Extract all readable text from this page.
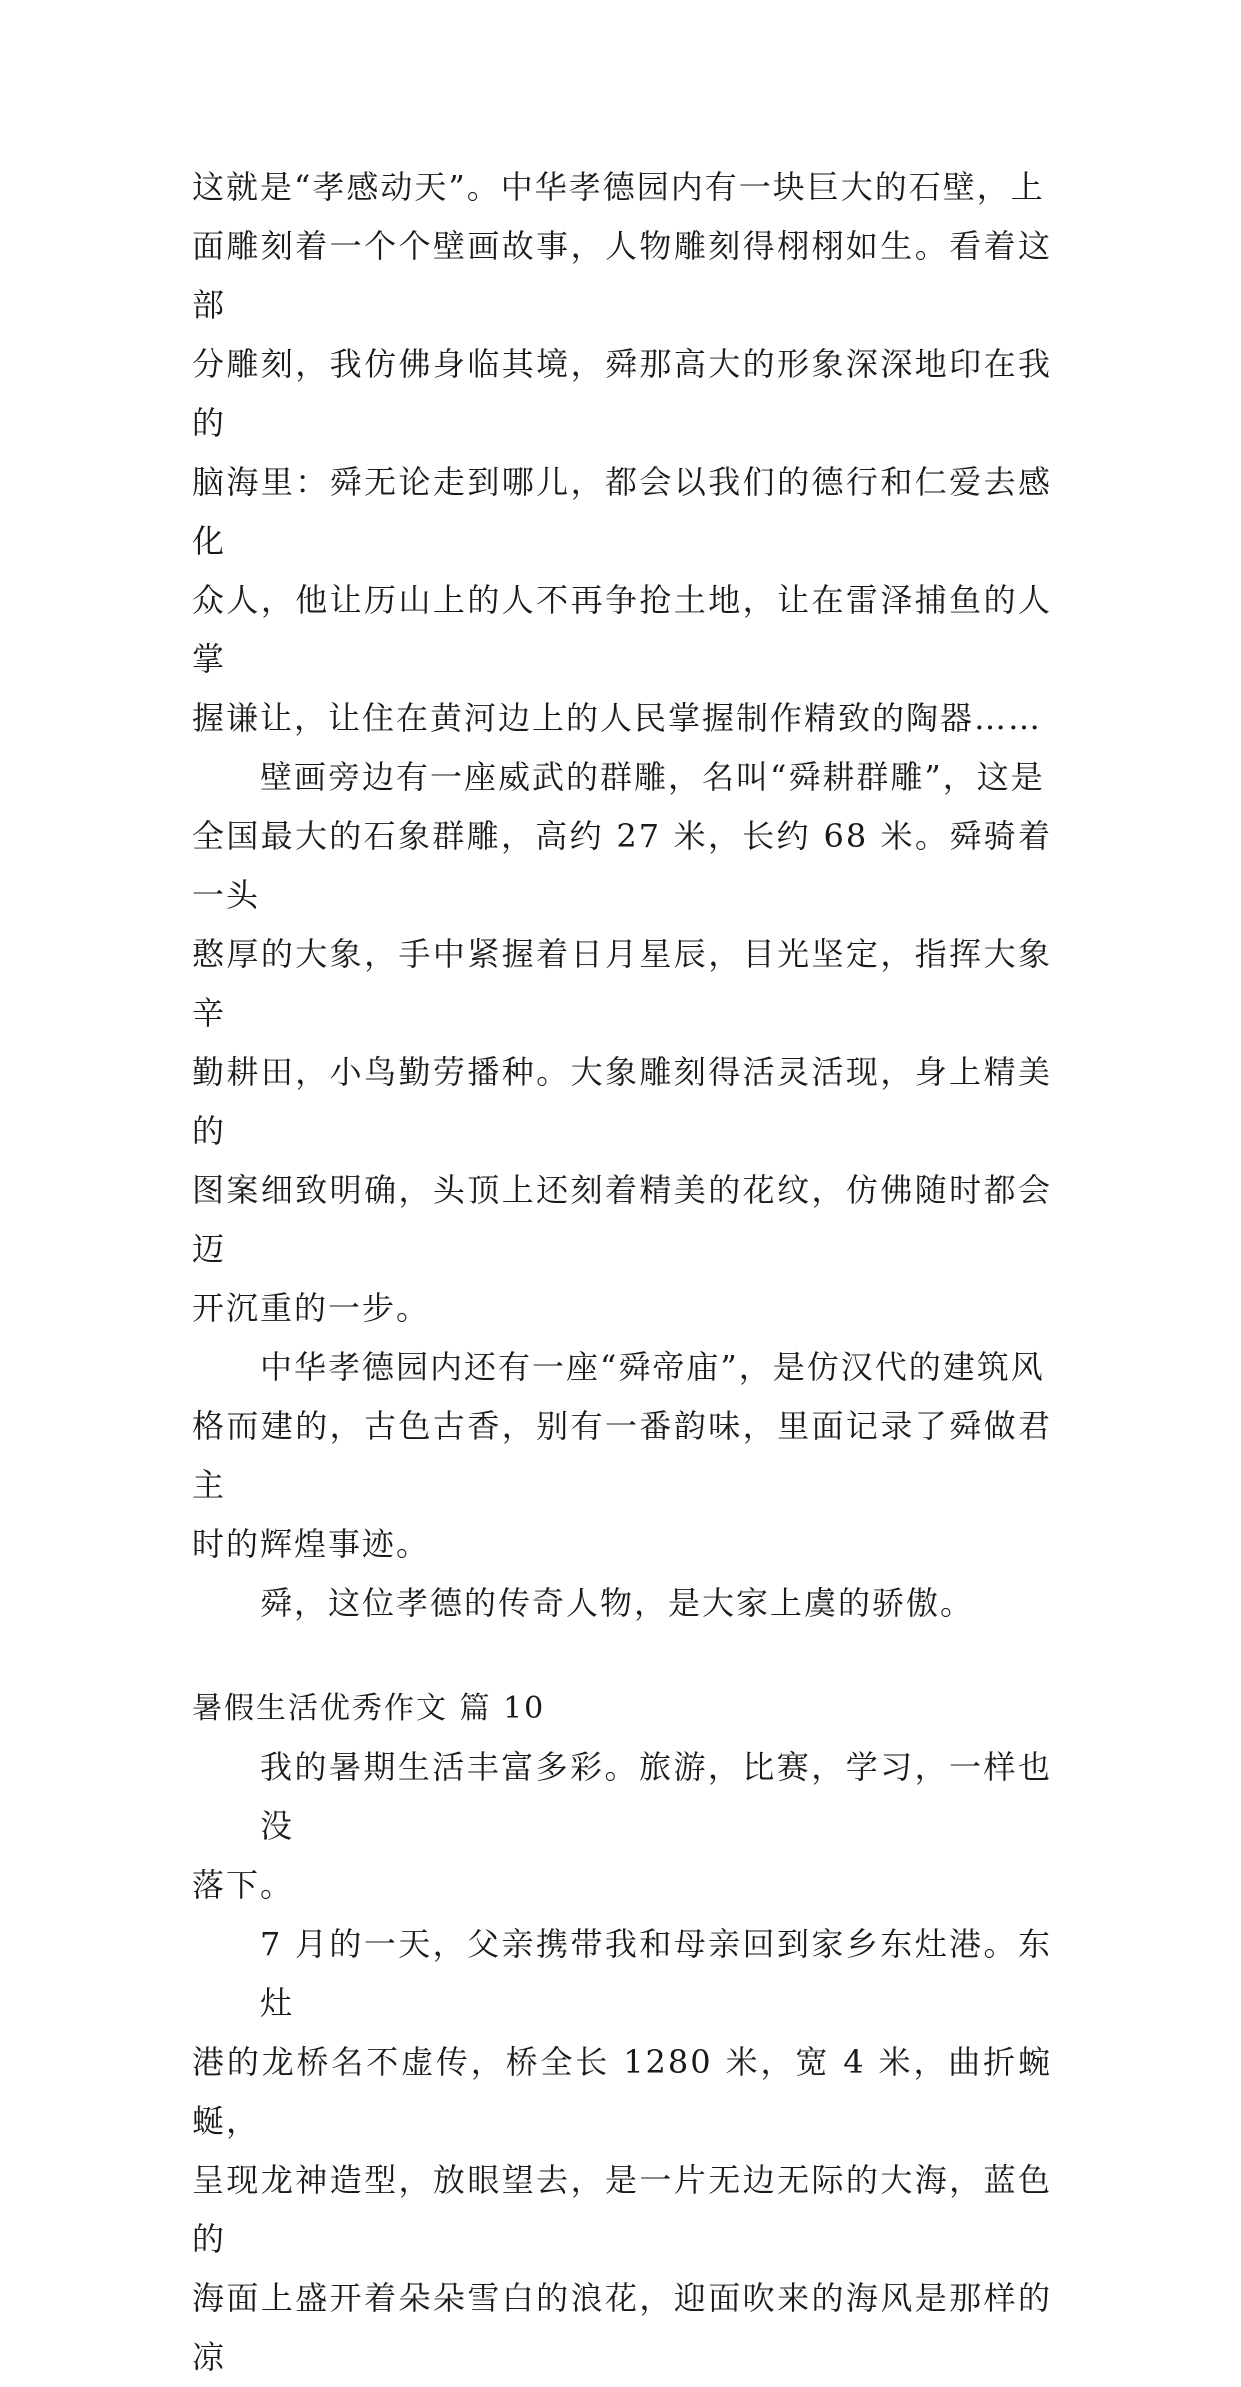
这就是“孝感动天”。中华孝德园内有一块巨大的石壁，上
面雕刻着一个个壁画故事，人物雕刻得栩栩如生。看着这部
分雕刻，我仿佛身临其境，舜那高大的形象深深地印在我的
脑海里：舜无论走到哪儿，都会以我们的德行和仁爱去感化
众人，他让历山上的人不再争抢土地，让在雷泽捕鱼的人掌
握谦让，让住在黄河边上的人民掌握制作精致的陶器……

壁画旁边有一座威武的群雕，名叫“舜耕群雕”，这是
全国最大的石象群雕，高约 27 米，长约 68 米。舜骑着一头
憨厚的大象，手中紧握着日月星辰，目光坚定，指挥大象辛
勤耕田，小鸟勤劳播种。大象雕刻得活灵活现，身上精美的
图案细致明确，头顶上还刻着精美的花纹，仿佛随时都会迈
开沉重的一步。

中华孝德园内还有一座“舜帝庙”，是仿汉代的建筑风
格而建的，古色古香，别有一番韵味，里面记录了舜做君主
时的辉煌事迹。

舜，这位孝德的传奇人物，是大家上虞的骄傲。

暑假生活优秀作文 篇 10

我的暑期生活丰富多彩。旅游，比赛，学习，一样也没
落下。

7 月的一天，父亲携带我和母亲回到家乡东灶港。东灶
港的龙桥名不虚传，桥全长 1280 米，宽 4 米，曲折蜿蜒，
呈现龙神造型，放眼望去，是一片无边无际的大海，蓝色的
海面上盛开着朵朵雪白的浪花，迎面吹来的海风是那样的凉
